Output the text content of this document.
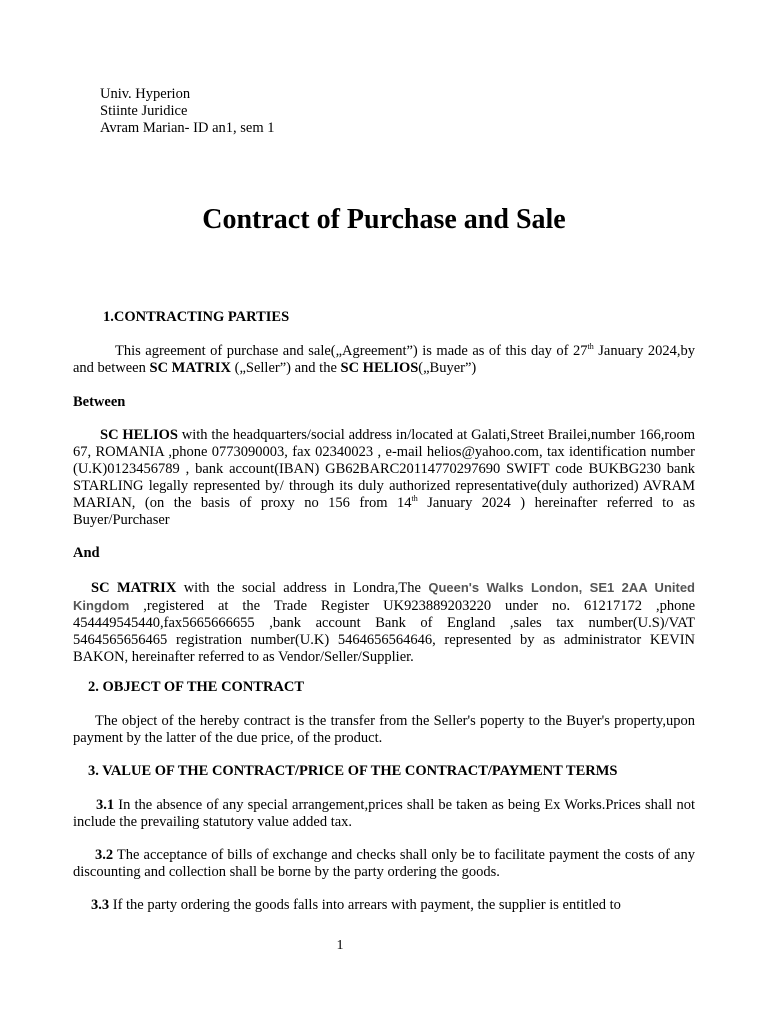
Univ. Hyperion
Stiinte Juridice
Avram Marian- ID an1, sem 1
Contract of Purchase and Sale
1.CONTRACTING PARTIES
This agreement of purchase and sale(„Agreement”) is made as of this day of 27th January 2024,by and between SC MATRIX („Seller”) and the SC HELIOS(„Buyer”)
Between
SC HELIOS with the headquarters/social address in/located at Galati,Street Brailei,number 166,room 67, ROMANIA ,phone 0773090003, fax 02340023 , e-mail helios@yahoo.com, tax identification number (U.K)0123456789 , bank account(IBAN) GB62BARC20114770297690 SWIFT code BUKBG230 bank STARLING legally represented by/ through its duly authorized representative(duly authorized) AVRAM MARIAN, (on the basis of proxy no 156 from 14th January 2024 ) hereinafter referred to as Buyer/Purchaser
And
SC MATRIX with the social address in Londra,The Queen's Walks London, SE1 2AA United Kingdom ,registered at the Trade Register UK923889203220 under no. 61217172 ,phone 454449545440,fax5665666655 ,bank account Bank of England ,sales tax number(U.S)/VAT 5464565656465 registration number(U.K) 5464656564646, represented by as administrator KEVIN BAKON, hereinafter referred to as Vendor/Seller/Supplier.
2. OBJECT OF THE CONTRACT
The object of the hereby contract is the transfer from the Seller's poperty to the Buyer's property,upon payment by the latter of the due price, of the product.
3. VALUE OF THE CONTRACT/PRICE OF THE CONTRACT/PAYMENT TERMS
3.1 In the absence of any special arrangement,prices shall be taken as being Ex Works.Prices shall not include the prevailing statutory value added tax.
3.2 The acceptance of bills of exchange and checks shall only be to facilitate payment the costs of any discounting and collection shall be borne by the party ordering the goods.
3.3 If the party ordering the goods falls into arrears with payment, the supplier is entitled to
1
